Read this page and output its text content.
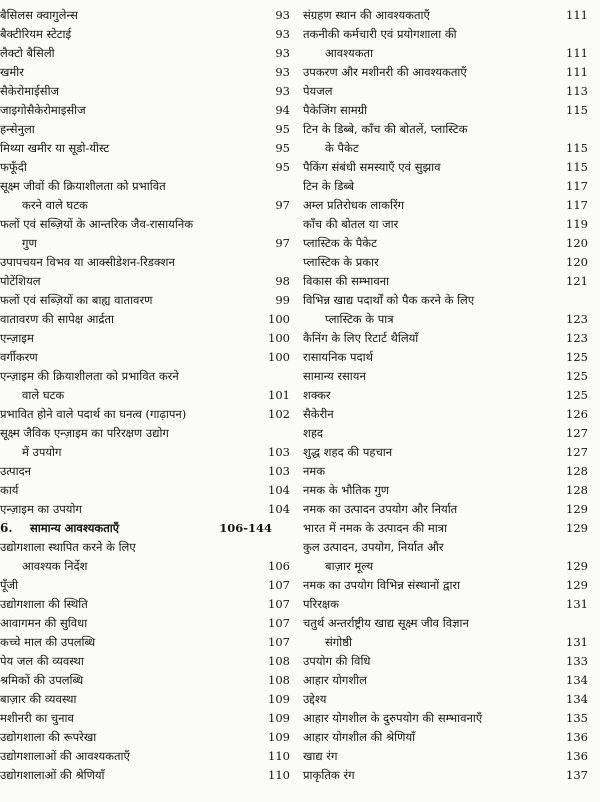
बैसिलस क्वागुलेन्स	93
बैक्टीरियम स्टेटाई	93
लैक्टो बैसिली	93
खमीर	93
सैकेरोमाईसीज	93
जाइगोसैकेरोमाइसीज	94
हन्सेनुला	95
मिथ्या खमीर या सूडो-यीस्ट	95
फफूँदी	95
सूक्ष्म जीवों की क्रियाशीलता को प्रभावित
करने वाले घटक	97
फलों एवं सब्ज़ियों के आन्तरिक जैव-रासायनिक
गुण	97
उपापचयन विभव या आक्सीडेशन-रिडक्शन
पोटेंशियल	98
फलों एवं सब्ज़ियों का बाह्य वातावरण	99
वातावरण की सापेक्ष आर्द्रता	100
एन्ज़ाइम	100
वर्गीकरण	100
एन्ज़ाइम की क्रियाशीलता को प्रभावित करने
वाले घटक	101
प्रभावित होने वाले पदार्थ का घनत्व (गाढ़ापन)	102
सूक्ष्म जैविक एन्ज़ाइम का परिरक्षण उद्योग
में उपयोग	103
उत्पादन	103
कार्य	104
एन्ज़ाइम का उपयोग	104
6.	सामान्य आवश्यकताएँ	106-144
उद्योगशाला स्थापित करने के लिए
आवश्यक निर्देश	106
पूँजी	107
उद्योगशाला की स्थिति	107
आवागमन की सुविधा	107
कच्चे माल की उपलब्धि	107
पेय जल की व्यवस्था	108
श्रमिकों की उपलब्धि	108
बाज़ार की व्यवस्था	109
मशीनरी का चुनाव	109
उद्योगशाला की रूपरेखा	109
उद्योगशालाओं की आवश्यकताएँ	110
उद्योगशालाओं की श्रेणियाँ	110
संग्रहण स्थान की आवश्यकताएँ	111
तकनीकी कर्मचारी एवं प्रयोगशाला की
आवश्यकता	111
उपकरण और मशीनरी की आवश्यकताएँ	111
पेयजल	113
पैकेजिंग सामग्री	115
टिन के डिब्बे, काँच की बोतलें, प्लास्टिक
के पैकेट	115
पैकिंग संबंधी समस्याएँ एवं सुझाव	115
टिन के डिब्बे	117
अम्ल प्रतिरोधक लाकरिंग	117
काँच की बोतल या जार	119
प्लास्टिक के पैकेट	120
प्लास्टिक के प्रकार	120
विकास की सम्भावना	121
विभिन्न खाद्य पदार्थों को पैक करने के लिए
प्लास्टिक के पात्र	123
कैनिंग के लिए रिटार्ट थैलियाँ	123
रासायनिक पदार्थ	125
सामान्य रसायन	125
शक्कर	125
सैकेरीन	126
शहद	127
शुद्ध शहद की पहचान	127
नमक	128
नमक के भौतिक गुण	128
नमक का उत्पादन उपयोग और निर्यात	129
भारत में नमक के उत्पादन की मात्रा	129
कुल उत्पादन, उपयोग, निर्यात और
बाज़ार मूल्य	129
नमक का उपयोग विभिन्न संस्थानों द्वारा	129
परिरक्षक	131
चतुर्थ अन्तर्राष्ट्रीय खाद्य सूक्ष्म जीव विज्ञान
संगोष्ठी	131
उपयोग की विधि	133
आहार योगशील	134
उद्देश्य	134
आहार योगशील के दुरुपयोग की सम्भावनाएँ	135
आहार योगशील की श्रेणियाँ	136
खाद्य रंग	136
प्राकृतिक रंग	137
